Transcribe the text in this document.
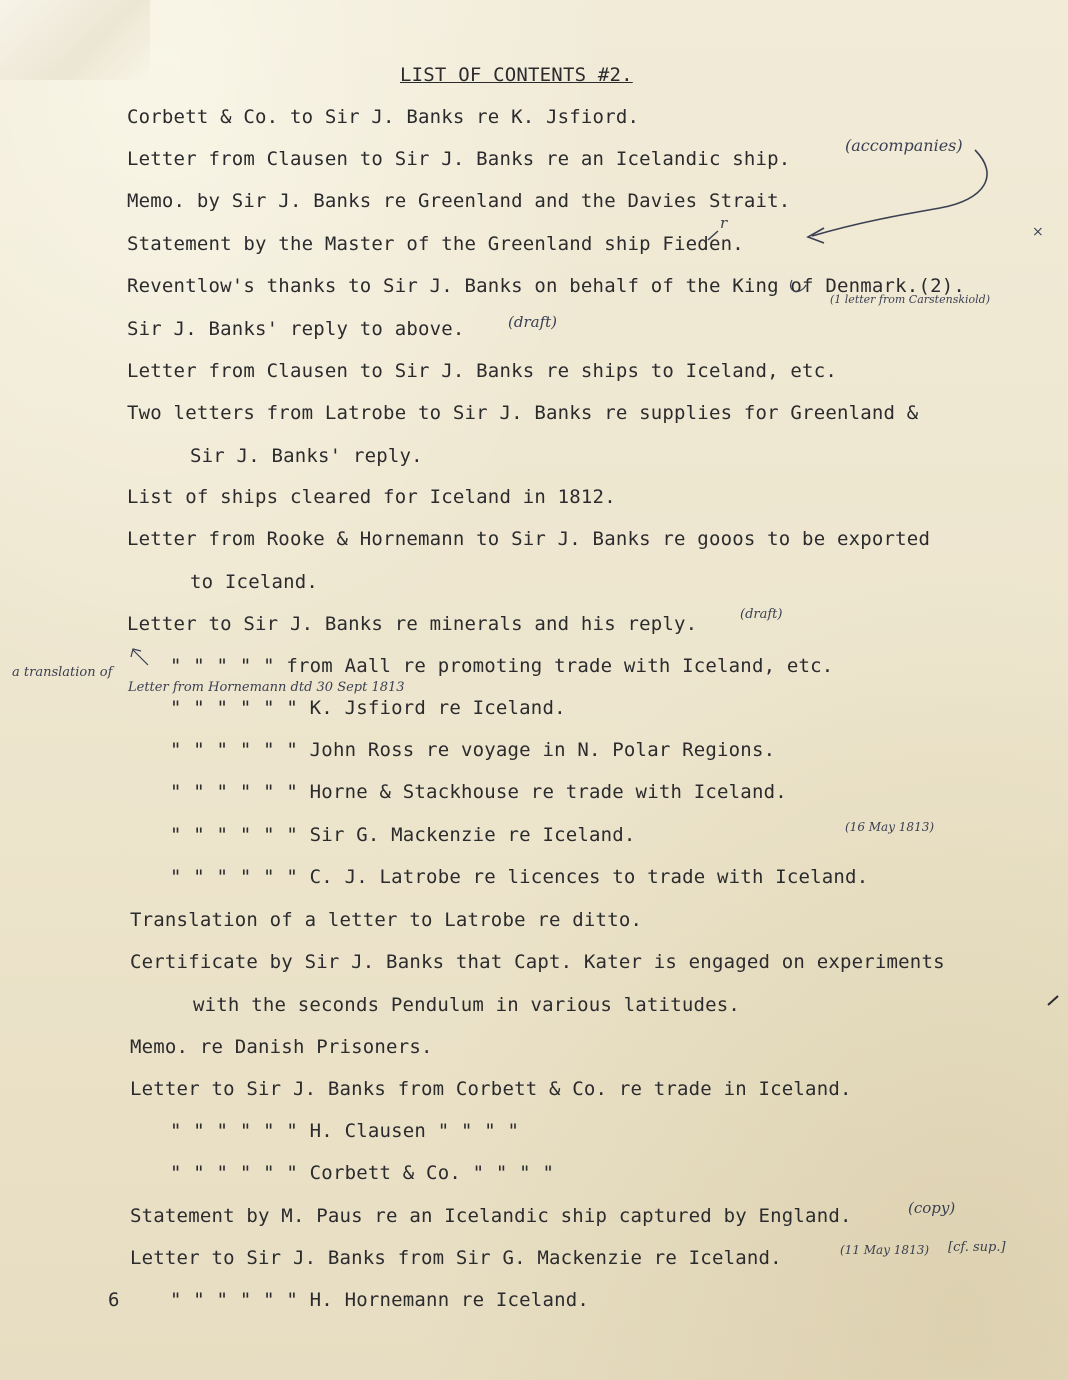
LIST OF CONTENTS #2.
Corbett & Co. to Sir J. Banks re K. Jsfiord.
Letter from Clausen to Sir J. Banks re an Icelandic ship.
Memo. by Sir J. Banks re Greenland and the Davies Strait.
Statement by the Master of the Greenland ship Fieden.
Reventlow's thanks to Sir J. Banks on behalf of the King of Denmark.(2).
Sir J. Banks' reply to above.
Letter from Clausen to Sir J. Banks re ships to Iceland, etc.
Two letters from Latrobe to Sir J. Banks re supplies for Greenland &
Sir J. Banks' reply.
List of ships cleared for Iceland in 1812.
Letter from Rooke & Hornemann to Sir J. Banks re gooos to be exported
to Iceland.
Letter to Sir J. Banks re minerals and his reply.
" " " " " from Aall re promoting trade with Iceland, etc.
" " " " " " K. Jsfiord re Iceland.
" " " " " " John Ross re voyage in N. Polar Regions.
" " " " " " Horne & Stackhouse re trade with Iceland.
" " " " " " Sir G. Mackenzie re Iceland.
" " " " " " C. J. Latrobe re licences to trade with Iceland.
Translation of a letter to Latrobe re ditto.
Certificate by Sir J. Banks that Capt. Kater is engaged on experiments
with the seconds Pendulum in various latitudes.
Memo. re Danish Prisoners.
Letter to Sir J. Banks from Corbett & Co. re trade in Iceland.
" " " " " " H. Clausen " " " "
" " " " " " Corbett & Co. " " " "
Statement by M. Paus re an Icelandic ship captured by England.
Letter to Sir J. Banks from Sir G. Mackenzie re Iceland.
" " " " " " H. Hornemann re Iceland.
6
(accompanies)
r
(1 letter from Carstenskiold)
(draft)
(draft)
a translation of
Letter from Hornemann dtd 30 Sept 1813
(16 May 1813)
(copy)
(11 May 1813) [cf. sup.]
×
